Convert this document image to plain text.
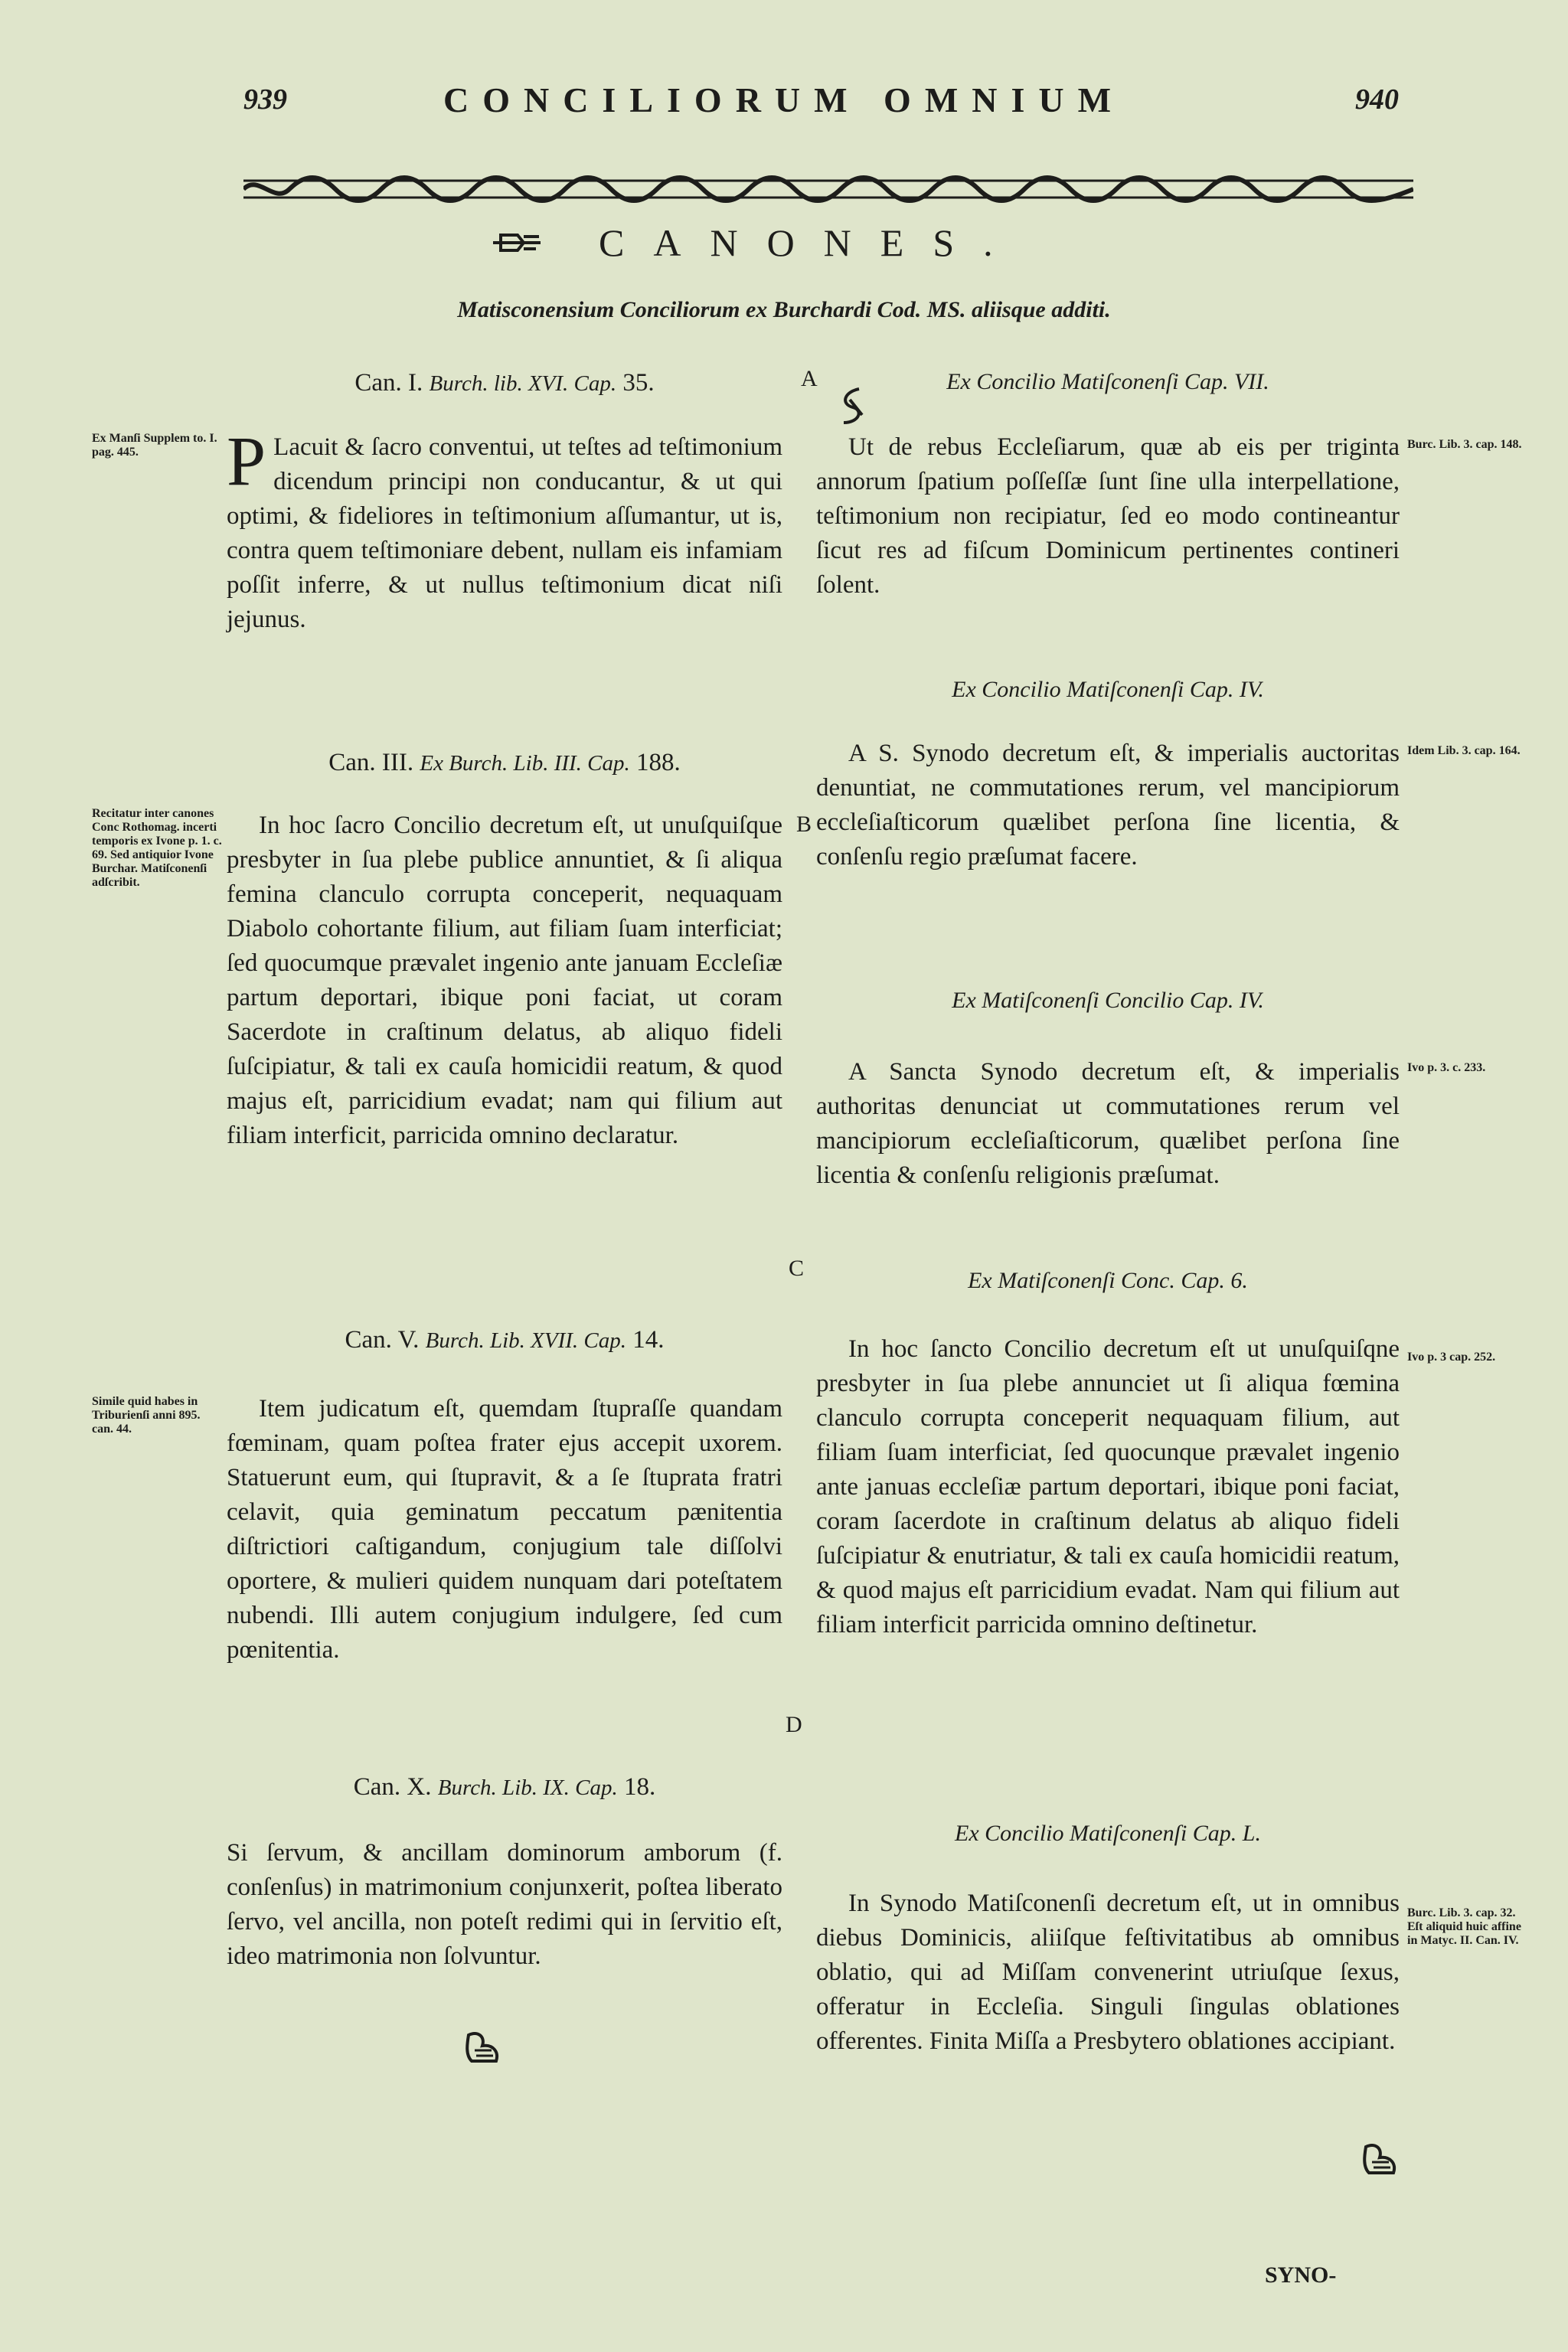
939	CONCILIORUM OMNIUM	940
CANONES.
Matisconensium Conciliorum ex Burchardi Cod. MS. aliisque additi.
Can. I. Burch. lib. XVI. Cap. 35.
P Lacuit & ſacro conventui, ut teſtes ad teſtimonium dicendum principi non conducantur, & ut qui optimi, & fideliores in teſtimonium aſſumantur, ut is, contra quem teſtimoniare debent, nullam eis infamiam poſſit inferre, & ut nullus teſtimonium dicat niſi jejunus.
Can. III. Ex Burch. Lib. III. Cap. 188.
In hoc ſacro Concilio decretum eſt, ut unuſquiſque presbyter in ſua plebe publice annuntiet, & ſi aliqua femina clanculo corrupta conceperit, nequaquam Diabolo cohortante filium, aut filiam ſuam interficiat; ſed quocumque prævalet ingenio ante januam Eccleſiæ partum deportari, ibique poni faciat, ut coram Sacerdote in craſtinum delatus, ab aliquo fideli ſuſcipiatur, & tali ex cauſa homicidii reatum, & quod majus eſt, parricidium evadat; nam qui filium aut filiam interficit, parricida omnino declaratur.
Can. V. Burch. Lib. XVII. Cap. 14.
Item judicatum eſt, quemdam ſtupraſſe quandam fœminam, quam poſtea frater ejus accepit uxorem. Statuerunt eum, qui ſtupravit, & a ſe ſtuprata fratri celavit, quia geminatum peccatum pænitentia diſtrictiori caſtigandum, conjugium tale diſſolvi oportere, & mulieri quidem nunquam dari poteſtatem nubendi. Illi autem conjugium indulgere, ſed cum pœnitentia.
Can. X. Burch. Lib. IX. Cap. 18.
Si ſervum, & ancillam dominorum amborum (f. conſenſus) in matrimonium conjunxerit, poſtea liberato ſervo, vel ancilla, non poteſt redimi qui in ſervitio eſt, ideo matrimonia non ſolvuntur.
Ex Concilio Matiſconenſi Cap. VII.
Ut de rebus Eccleſiarum, quæ ab eis per triginta annorum ſpatium poſſeſſæ ſunt ſine ulla interpellatione, teſtimonium non recipiatur, ſed eo modo contineantur ſicut res ad fiſcum Dominicum pertinentes contineri ſolent.
Ex Concilio Matiſconenſi Cap. IV.
A S. Synodo decretum eſt, & imperialis auctoritas denuntiat, ne commutationes rerum, vel mancipiorum eccleſiaſticorum quælibet perſona ſine licentia, & conſenſu regio præſumat facere.
Ex Matiſconenſi Concilio Cap. IV.
A Sancta Synodo decretum eſt, & imperialis authoritas denunciat ut commutationes rerum vel mancipiorum eccleſiaſticorum, quælibet perſona ſine licentia & conſenſu religionis præſumat.
Ex Matiſconenſi Conc. Cap. 6.
In hoc ſancto Concilio decretum eſt ut unuſquiſqne presbyter in ſua plebe annunciet ut ſi aliqua fœmina clanculo corrupta conceperit nequaquam filium, aut filiam ſuam interficiat, ſed quocunque prævalet ingenio ante januas eccleſiæ partum deportari, ibique poni faciat, coram ſacerdote in craſtinum delatus ab aliquo fideli ſuſcipiatur & enutriatur, & tali ex cauſa homicidii reatum, & quod majus eſt parricidium evadat. Nam qui filium aut filiam interficit parricida omnino deſtinetur.
Ex Concilio Matiſconenſi Cap. L.
In Synodo Matiſconenſi decretum eſt, ut in omnibus diebus Dominicis, aliiſque feſtivitatibus ab omnibus oblatio, qui ad Miſſam convenerint utriuſque ſexus, offeratur in Eccleſia. Singuli ſingulas oblationes offerentes. Finita Miſſa a Presbytero oblationes accipiant.
A
B
C
D
Ex Manſi Supplem to. I. pag. 445.
Recitatur inter canones Conc Rothomag. incerti temporis ex Ivone p. 1. c. 69. Sed antiquior Ivone Burchar. Matiſconenſi adſcribit.
Simile quid habes in Triburienſi anni 895. can. 44.
Burc. Lib. 3. cap. 148.
Idem Lib. 3. cap. 164.
Ivo p. 3. c. 233.
Ivo p. 3 cap. 252.
Burc. Lib. 3. cap. 32. Eſt aliquid huic affine in Matyc. II. Can. IV.
SYNO-
